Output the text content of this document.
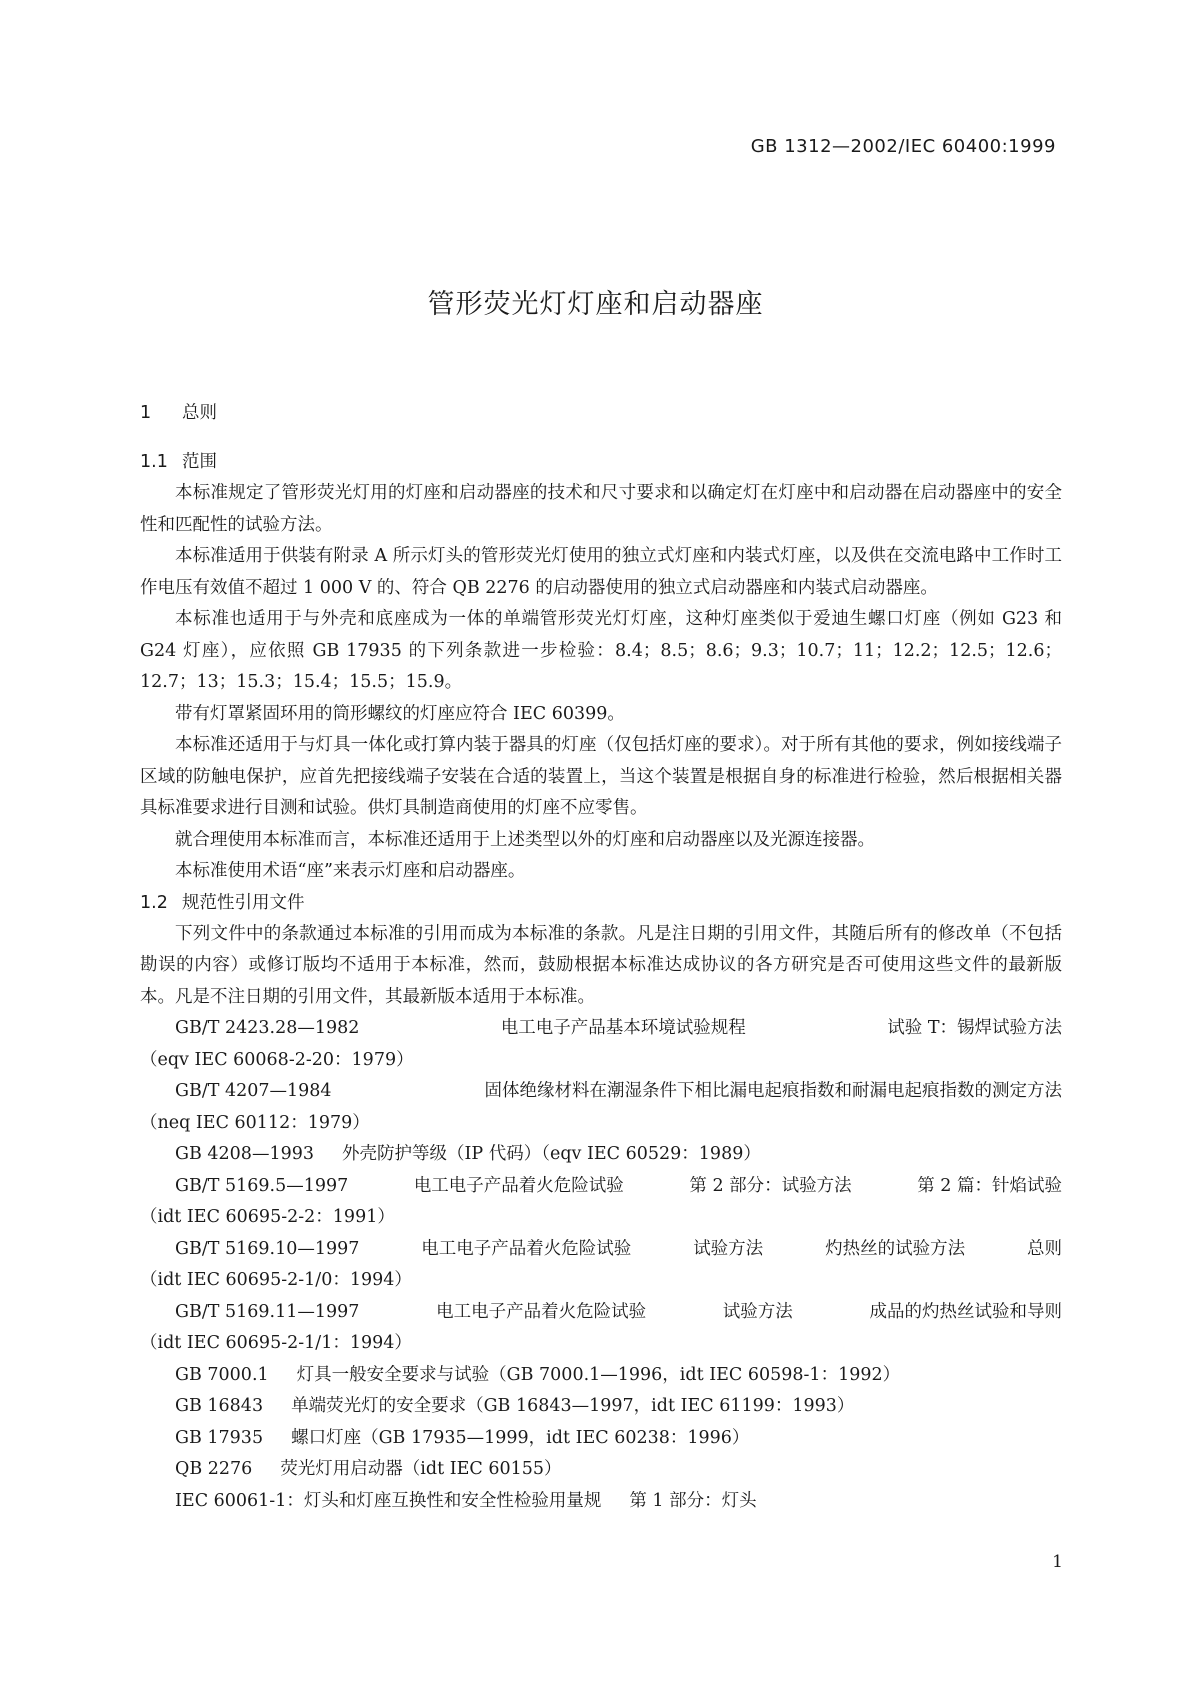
GB 1312—2002/IEC 60400:1999
管形荧光灯灯座和启动器座
1 总则
1.1 范围

本标准规定了管形荧光灯用的灯座和启动器座的技术和尺寸要求和以确定灯在灯座中和启动器在启动器座中的安全性和匹配性的试验方法。

本标准适用于供装有附录 A 所示灯头的管形荧光灯使用的独立式灯座和内装式灯座，以及供在交流电路中工作时工作电压有效值不超过 1 000 V 的、符合 QB 2276 的启动器使用的独立式启动器座和内装式启动器座。

本标准也适用于与外壳和底座成为一体的单端管形荧光灯灯座，这种灯座类似于爱迪生螺口灯座（例如 G23 和 G24 灯座），应依照 GB 17935 的下列条款进一步检验：8.4；8.5；8.6；9.3；10.7；11；12.2；12.5；12.6；12.7；13；15.3；15.4；15.5；15.9。

带有灯罩紧固环用的筒形螺纹的灯座应符合 IEC 60399。

本标准还适用于与灯具一体化或打算内装于器具的灯座（仅包括灯座的要求）。对于所有其他的要求，例如接线端子区域的防触电保护，应首先把接线端子安装在合适的装置上，当这个装置是根据自身的标准进行检验，然后根据相关器具标准要求进行目测和试验。供灯具制造商使用的灯座不应零售。

就合理使用本标准而言，本标准还适用于上述类型以外的灯座和启动器座以及光源连接器。

本标准使用术语“座”来表示灯座和启动器座。

1.2 规范性引用文件

下列文件中的条款通过本标准的引用而成为本标准的条款。凡是注日期的引用文件，其随后所有的修改单（不包括勘误的内容）或修订版均不适用于本标准，然而，鼓励根据本标准达成协议的各方研究是否可使用这些文件的最新版本。凡是不注日期的引用文件，其最新版本适用于本标准。

GB/T 2423.28—1982	电工电子产品基本环境试验规程	试验 T：锡焊试验方法
（eqv IEC 60068-2-20：1979）
GB/T 4207—1984	固体绝缘材料在潮湿条件下相比漏电起痕指数和耐漏电起痕指数的测定方法
（neq IEC 60112：1979）
GB 4208—1993 外壳防护等级（IP 代码）（eqv IEC 60529：1989）
GB/T 5169.5—1997	电工电子产品着火危险试验	第 2 部分：试验方法	第 2 篇：针焰试验
（idt IEC 60695-2-2：1991）
GB/T 5169.10—1997	电工电子产品着火危险试验	试验方法	灼热丝的试验方法	总则
（idt IEC 60695-2-1/0：1994）
GB/T 5169.11—1997	电工电子产品着火危险试验	试验方法	成品的灼热丝试验和导则
（idt IEC 60695-2-1/1：1994）
GB 7000.1 灯具一般安全要求与试验（GB 7000.1—1996，idt IEC 60598-1：1992）
GB 16843 单端荧光灯的安全要求（GB 16843—1997，idt IEC 61199：1993）
GB 17935 螺口灯座（GB 17935—1999，idt IEC 60238：1996）
QB 2276 荧光灯用启动器（idt IEC 60155）
IEC 60061-1：灯头和灯座互换性和安全性检验用量规 第 1 部分：灯头
1
